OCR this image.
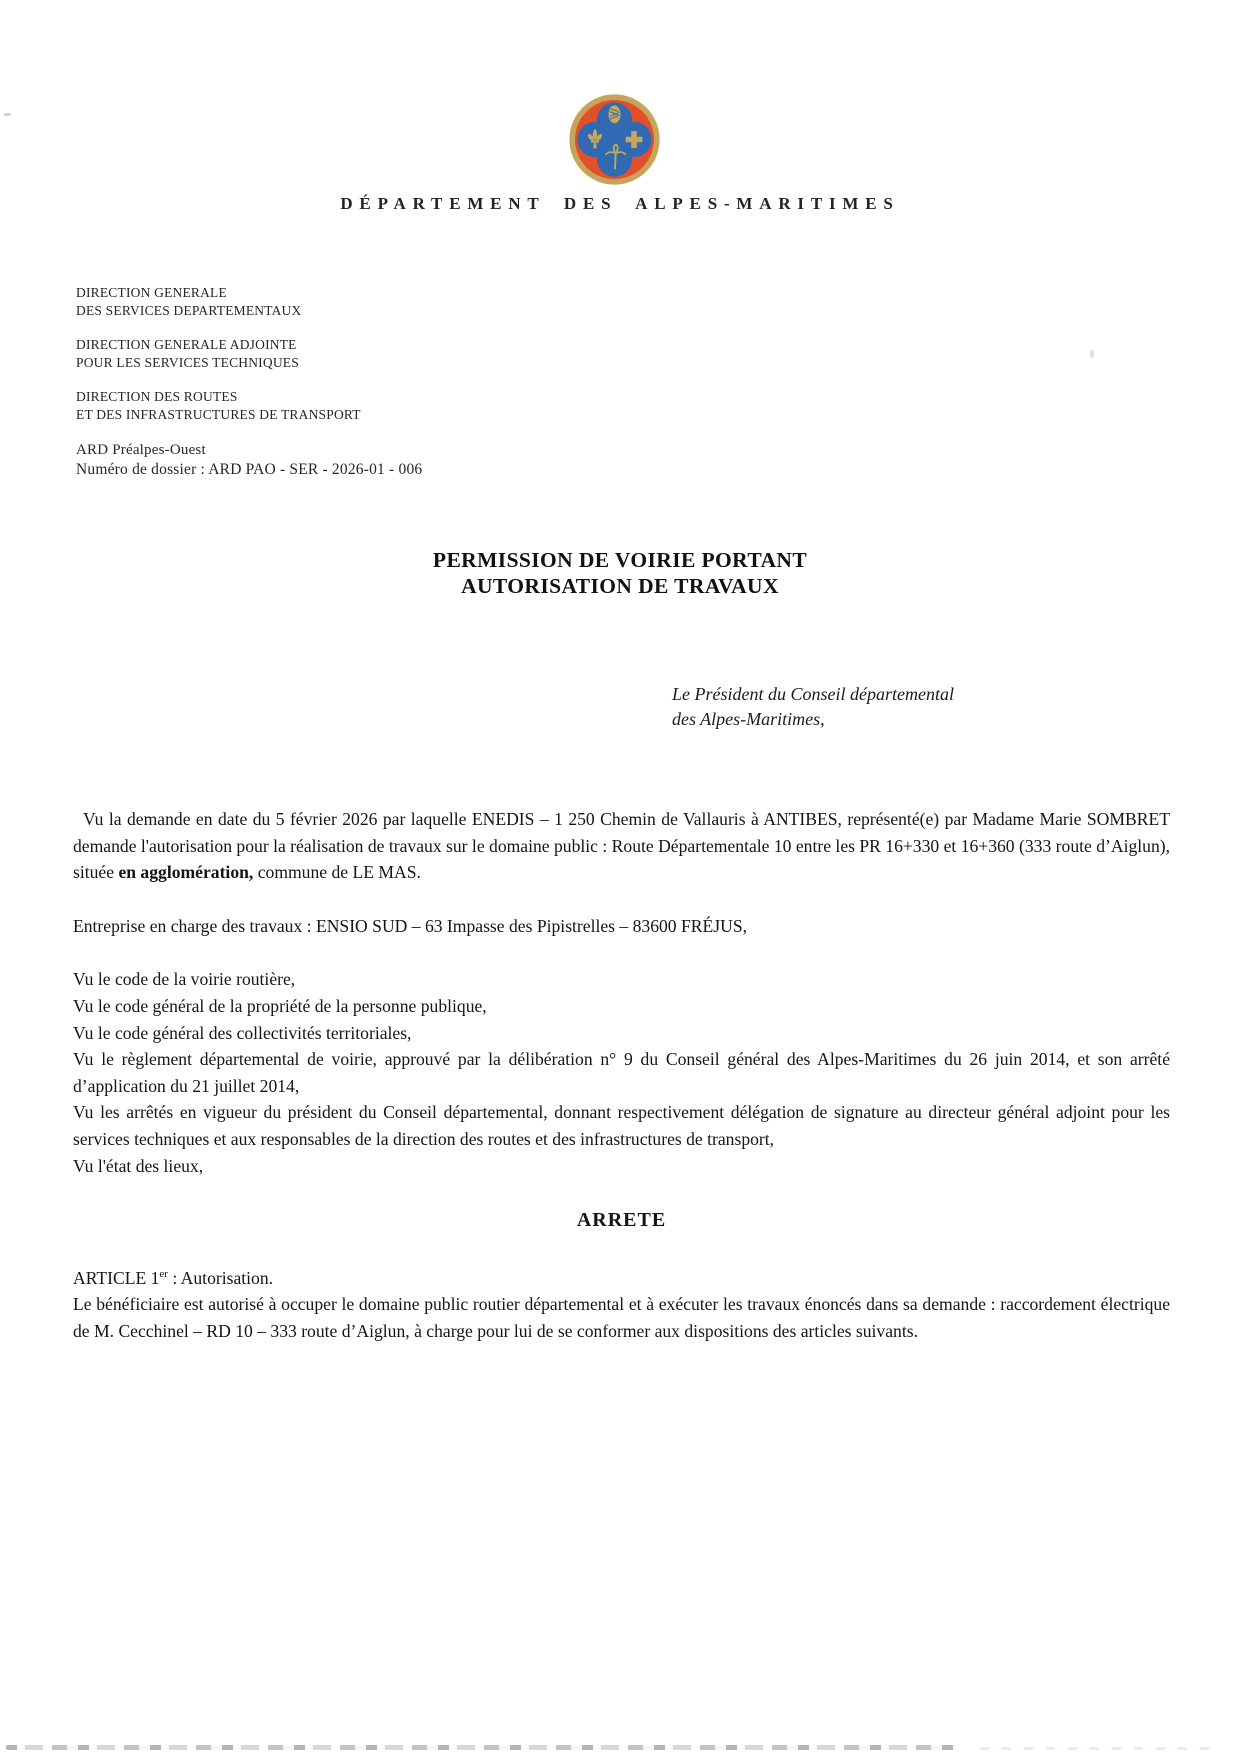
DÉPARTEMENT DES ALPES-MARITIMES
DIRECTION GENERALE
DES SERVICES DEPARTEMENTAUX
DIRECTION GENERALE ADJOINTE
POUR LES SERVICES TECHNIQUES
DIRECTION DES ROUTES
ET DES INFRASTRUCTURES DE TRANSPORT
ARD Préalpes-Ouest
Numéro de dossier : ARD PAO - SER - 2026-01 - 006
PERMISSION DE VOIRIE PORTANT
AUTORISATION DE TRAVAUX
Le Président du Conseil départemental
des Alpes-Maritimes,

Vu la demande en date du 5 février 2026 par laquelle ENEDIS – 1 250 Chemin de Vallauris à ANTIBES, représenté(e) par Madame Marie SOMBRET demande l'autorisation pour la réalisation de travaux sur le domaine public : Route Départementale 10 entre les PR 16+330 et 16+360 (333 route d’Aiglun), située en agglomération, commune de LE MAS.

Entreprise en charge des travaux : ENSIO SUD – 63 Impasse des Pipistrelles – 83600 FRÉJUS,

Vu le code de la voirie routière,

Vu le code général de la propriété de la personne publique,

Vu le code général des collectivités territoriales,

Vu le règlement départemental de voirie, approuvé par la délibération n° 9 du Conseil général des Alpes-Maritimes du 26 juin 2014, et son arrêté d’application du 21 juillet 2014,

Vu les arrêtés en vigueur du président du Conseil départemental, donnant respectivement délégation de signature au directeur général adjoint pour les services techniques et aux responsables de la direction des routes et des infrastructures de transport,

Vu l'état des lieux,

ARRETE

ARTICLE 1er : Autorisation.

Le bénéficiaire est autorisé à occuper le domaine public routier départemental et à exécuter les travaux énoncés dans sa demande : raccordement électrique de M. Cecchinel – RD 10 – 333 route d’Aiglun, à charge pour lui de se conformer aux dispositions des articles suivants.
